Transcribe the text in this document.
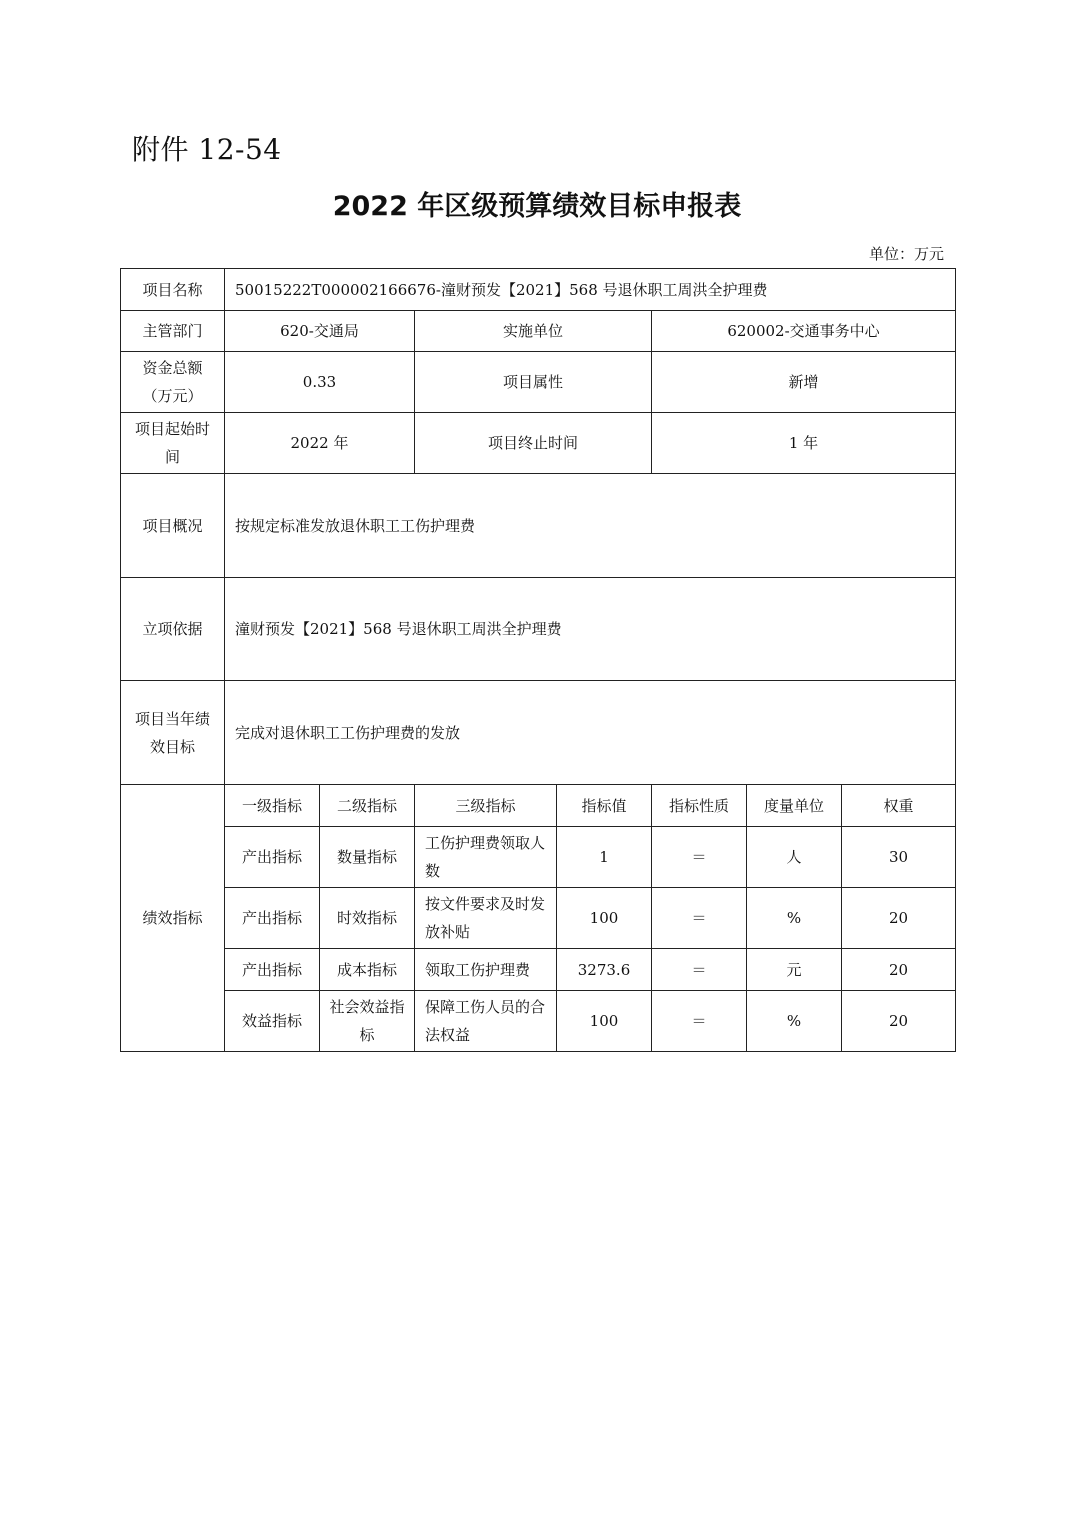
附件 12-54
2022 年区级预算绩效目标申报表
单位：万元
项目名称	50015222T000002166676-潼财预发【2021】568 号退休职工周洪全护理费						
主管部门	620-交通局		实施单位		620002-交通事务中心		

资金总额
（万元）	0.33		项目属性		新增		

项目起始时
间	2022 年		项目终止时间		1 年		
项目概况	按规定标准发放退休职工工伤护理费						
立项依据	潼财预发【2021】568 号退休职工周洪全护理费						

项目当年绩
效目标	完成对退休职工工伤护理费的发放						
绩效指标	一级指标	二级指标	三级指标	指标值	指标性质	度量单位	权重
	产出指标	数量指标	工伤护理费领取人数	1	＝	人	30
	产出指标	时效指标	按文件要求及时发放补贴	100	＝	%	20
	产出指标	成本指标	领取工伤护理费	3273.6	＝	元	20
	效益指标	社会效益指标	保障工伤人员的合法权益	100	＝	%	20
